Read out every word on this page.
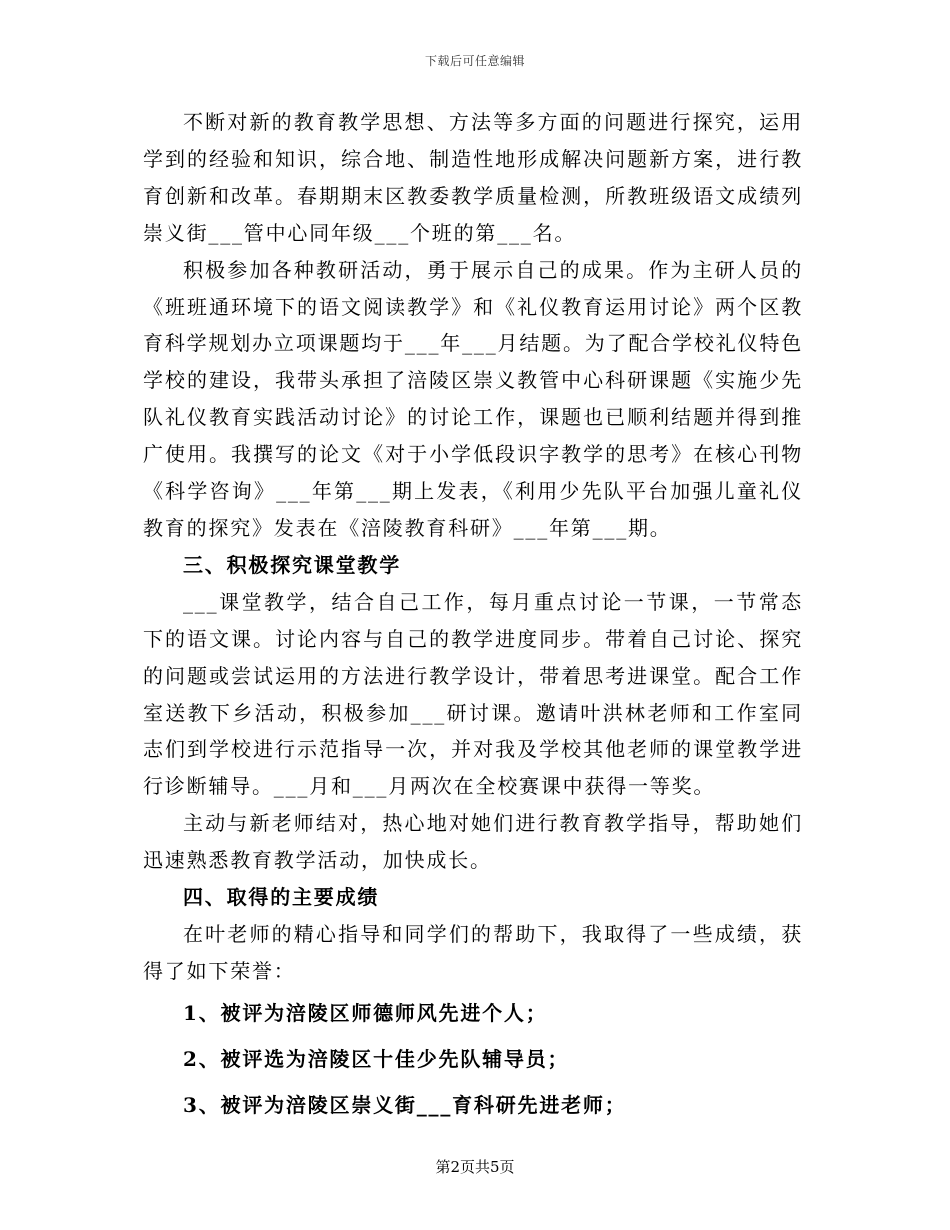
下载后可任意编辑

不断对新的教育教学思想、方法等多方面的问题进行探究，运用学到的经验和知识，综合地、制造性地形成解决问题新方案，进行教育创新和改革。春期期末区教委教学质量检测，所教班级语文成绩列崇义街___管中心同年级___个班的第___名。

积极参加各种教研活动，勇于展示自己的成果。作为主研人员的《班班通环境下的语文阅读教学》和《礼仪教育运用讨论》两个区教育科学规划办立项课题均于___年___月结题。为了配合学校礼仪特色学校的建设，我带头承担了涪陵区崇义教管中心科研课题《实施少先队礼仪教育实践活动讨论》的讨论工作，课题也已顺利结题并得到推广使用。我撰写的论文《对于小学低段识字教学的思考》在核心刊物《科学咨询》___年第___期上发表，《利用少先队平台加强儿童礼仪教育的探究》发表在《涪陵教育科研》___年第___期。

三、积极探究课堂教学

___课堂教学，结合自己工作，每月重点讨论一节课，一节常态下的语文课。讨论内容与自己的教学进度同步。带着自己讨论、探究的问题或尝试运用的方法进行教学设计，带着思考进课堂。配合工作室送教下乡活动，积极参加___研讨课。邀请叶洪林老师和工作室同志们到学校进行示范指导一次，并对我及学校其他老师的课堂教学进行诊断辅导。___月和___月两次在全校赛课中获得一等奖。

主动与新老师结对，热心地对她们进行教育教学指导，帮助她们迅速熟悉教育教学活动，加快成长。

四、取得的主要成绩

在叶老师的精心指导和同学们的帮助下，我取得了一些成绩，获得了如下荣誉：

1、被评为涪陵区师德师风先进个人；

2、被评选为涪陵区十佳少先队辅导员；

3、被评为涪陵区崇义街___育科研先进老师；

第2页共5页
